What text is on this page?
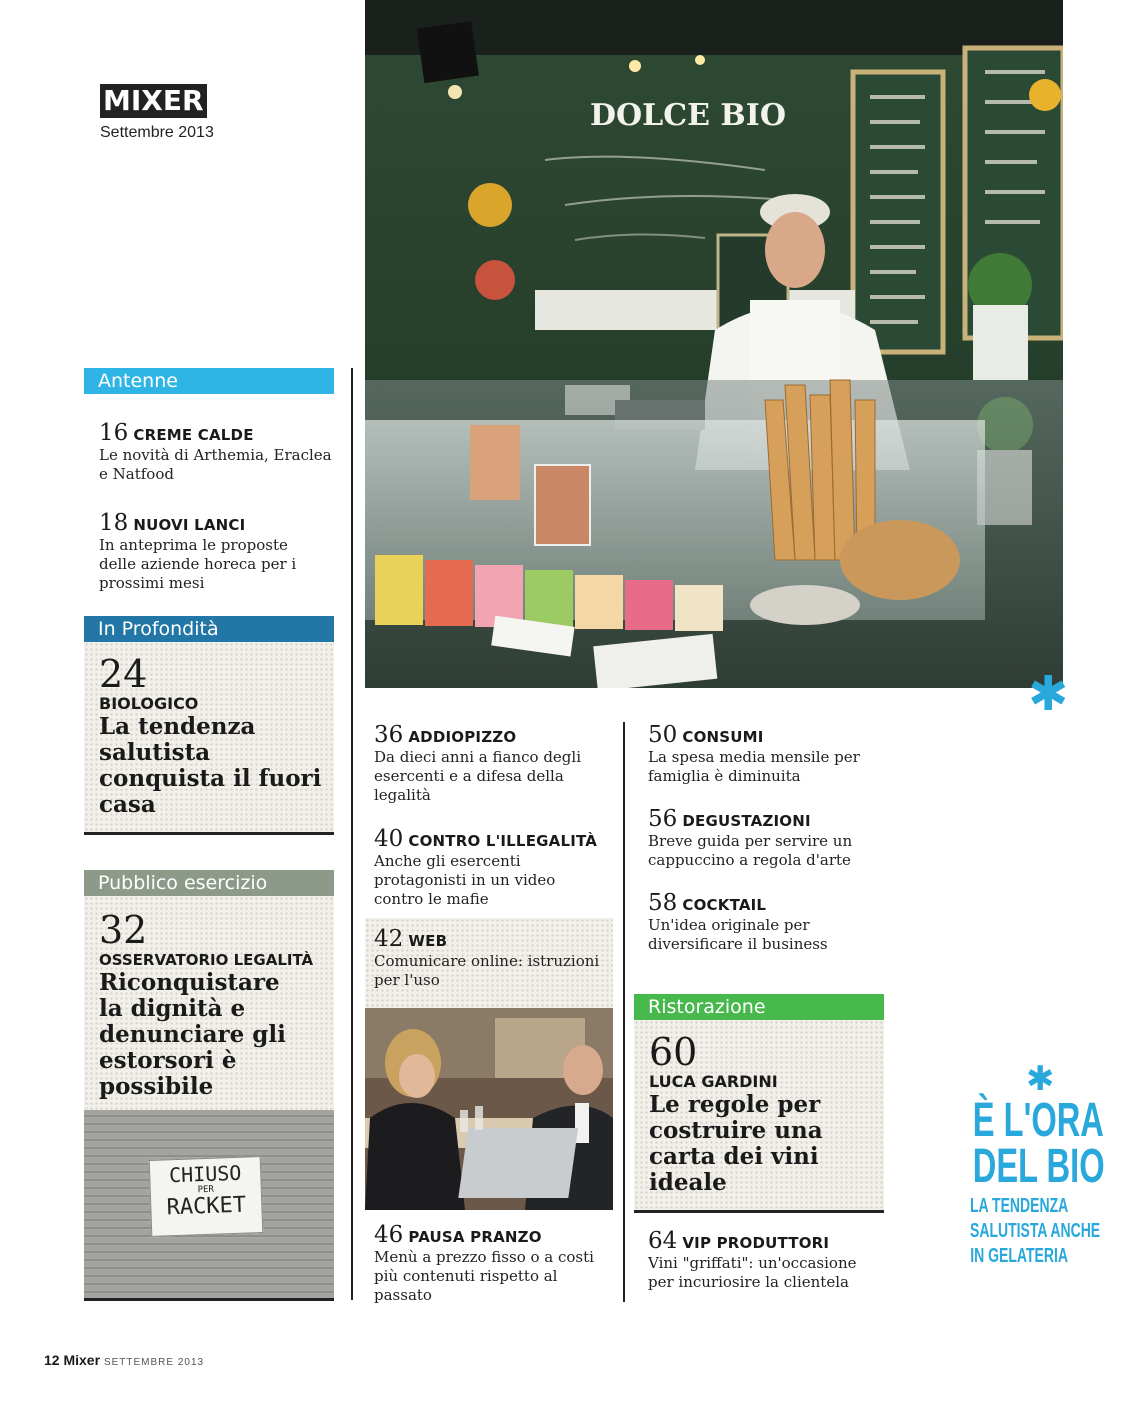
MIXER
Settembre 2013	DOLCE BIO
✱
Antenne
16 CREME CALDE
Le novità di Arthemia, Eraclea e Natfood
18 NUOVI LANCI
In anteprima le proposte delle aziende horeca per i prossimi mesi
In Profondità
24
BIOLOGICO
La tendenza salutista conquista il fuori casa
Pubblico esercizio
32
OSSERVATORIO LEGALITÀ
Riconquistare la dignità e denunciare gli estorsori è possibile
CHIUSO
PER
RACKET
36 ADDIOPIZZO
Da dieci anni a fianco degli esercenti e a difesa della legalità
40 CONTRO L'ILLEGALITÀ
Anche gli esercenti protagonisti in un video contro le mafie
42 WEB
Comunicare online: istruzioni per l'uso
46 PAUSA PRANZO
Menù a prezzo fisso o a costi più contenuti rispetto al passato
50 CONSUMI
La spesa media mensile per famiglia è diminuita
56 DEGUSTAZIONI
Breve guida per servire un cappuccino a regola d'arte
58 COCKTAIL
Un'idea originale per diversificare il business
Ristorazione
60
LUCA GARDINI
Le regole per costruire una carta dei vini ideale
64 VIP PRODUTTORI
Vini "griffati": un'occasione per incuriosire la clientela
✱
È L'ORA
DEL BIO
LA TENDENZA
SALUTISTA ANCHE
IN GELATERIA
12 Mixer SETTEMBRE 2013
